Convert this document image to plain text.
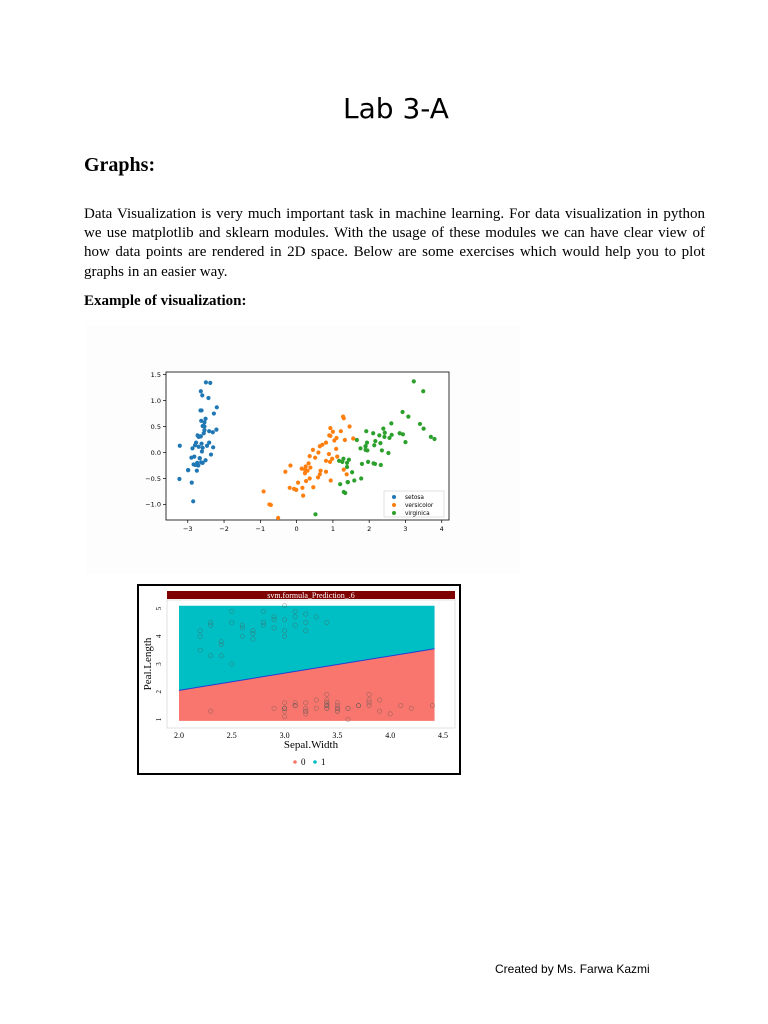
Lab 3-A
Graphs:

Data Visualization is very much important task in machine learning. For data visualization in python we use matplotlib and sklearn modules. With the usage of these modules we can have clear view of how data points are rendered in 2D space. Below are some exercises which would help you to plot graphs in an easier way.

Example of visualization:
−3	−2	−1	0	1	2	3	4
1.5
1.0
0.5
0.0
−0.5
−1.0
setosa
versicolor
virginica
svm.formula_Prediction_.6
2.0	2.5	3.0	3.5	4.0	4.5
1
2
3
4
5
Sepal.Width
Peal.Length
0 1
Created by Ms. Farwa Kazmi
